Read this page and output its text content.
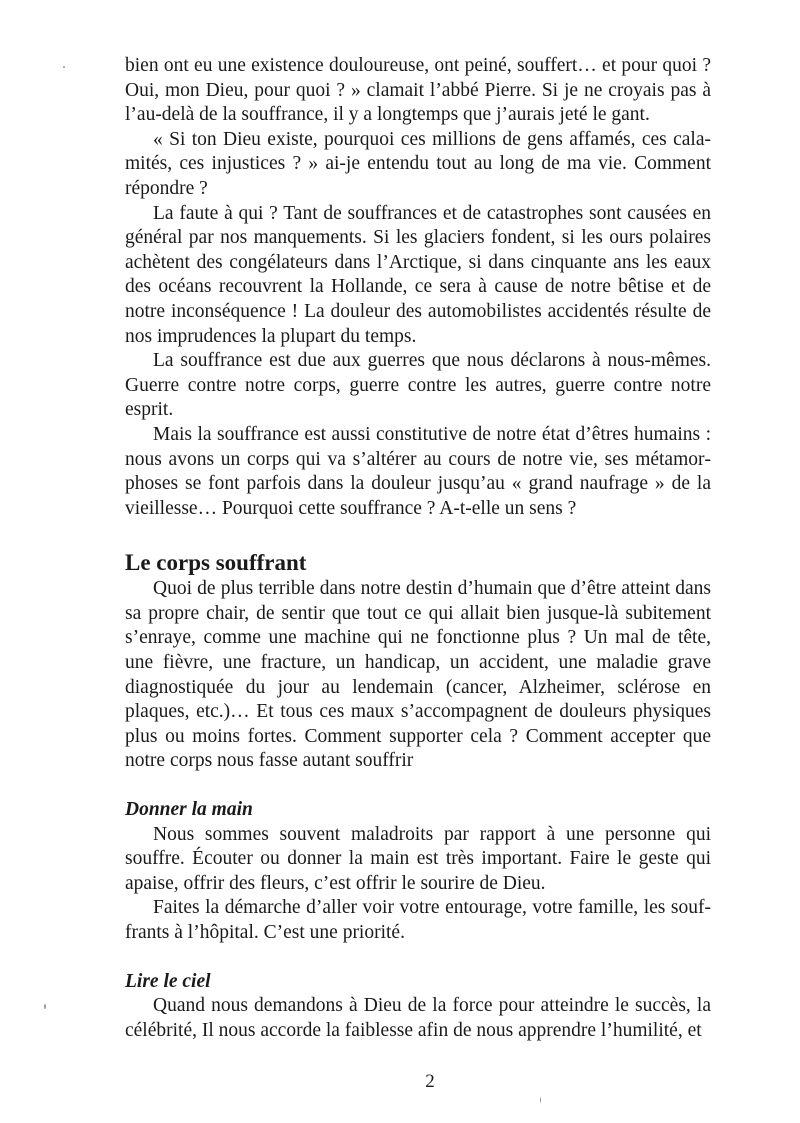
bien ont eu une existence douloureuse, ont peiné, souffert… et pour quoi ? Oui, mon Dieu, pour quoi ? » clamait l’abbé Pierre. Si je ne croyais pas à l’au-delà de la souffrance, il y a longtemps que j’aurais jeté le gant.

« Si ton Dieu existe, pourquoi ces millions de gens affamés, ces calamités, ces injustices ? » ai-je entendu tout au long de ma vie. Comment répondre ?

La faute à qui ? Tant de souffrances et de catastrophes sont causées en général par nos manquements. Si les glaciers fondent, si les ours polaires achètent des congélateurs dans l’Arctique, si dans cinquante ans les eaux des océans recouvrent la Hollande, ce sera à cause de notre bêtise et de notre inconséquence ! La douleur des automobilistes accidentés résulte de nos imprudences la plupart du temps.

La souffrance est due aux guerres que nous déclarons à nous-mêmes. Guerre contre notre corps, guerre contre les autres, guerre contre notre esprit.

Mais la souffrance est aussi constitutive de notre état d’êtres humains : nous avons un corps qui va s’altérer au cours de notre vie, ses métamorphoses se font parfois dans la douleur jusqu’au « grand naufrage » de la vieillesse… Pourquoi cette souffrance ? A-t-elle un sens ?

Le corps souffrant

Quoi de plus terrible dans notre destin d’humain que d’être atteint dans sa propre chair, de sentir que tout ce qui allait bien jusque-là subitement s’enraye, comme une machine qui ne fonctionne plus ? Un mal de tête, une fièvre, une fracture, un handicap, un accident, une maladie grave diagnostiquée du jour au lendemain (cancer, Alzheimer, sclérose en plaques, etc.)… Et tous ces maux s’accompagnent de douleurs physiques plus ou moins fortes. Comment supporter cela ? Comment accepter que notre corps nous fasse autant souffrir

Donner la main

Nous sommes souvent maladroits par rapport à une personne qui souffre. Écouter ou donner la main est très important. Faire le geste qui apaise, offrir des fleurs, c’est offrir le sourire de Dieu.

Faites la démarche d’aller voir votre entourage, votre famille, les souffrants à l’hôpital. C’est une priorité.

Lire le ciel

Quand nous demandons à Dieu de la force pour atteindre le succès, la célébrité, Il nous accorde la faiblesse afin de nous apprendre l’humilité, et

2
